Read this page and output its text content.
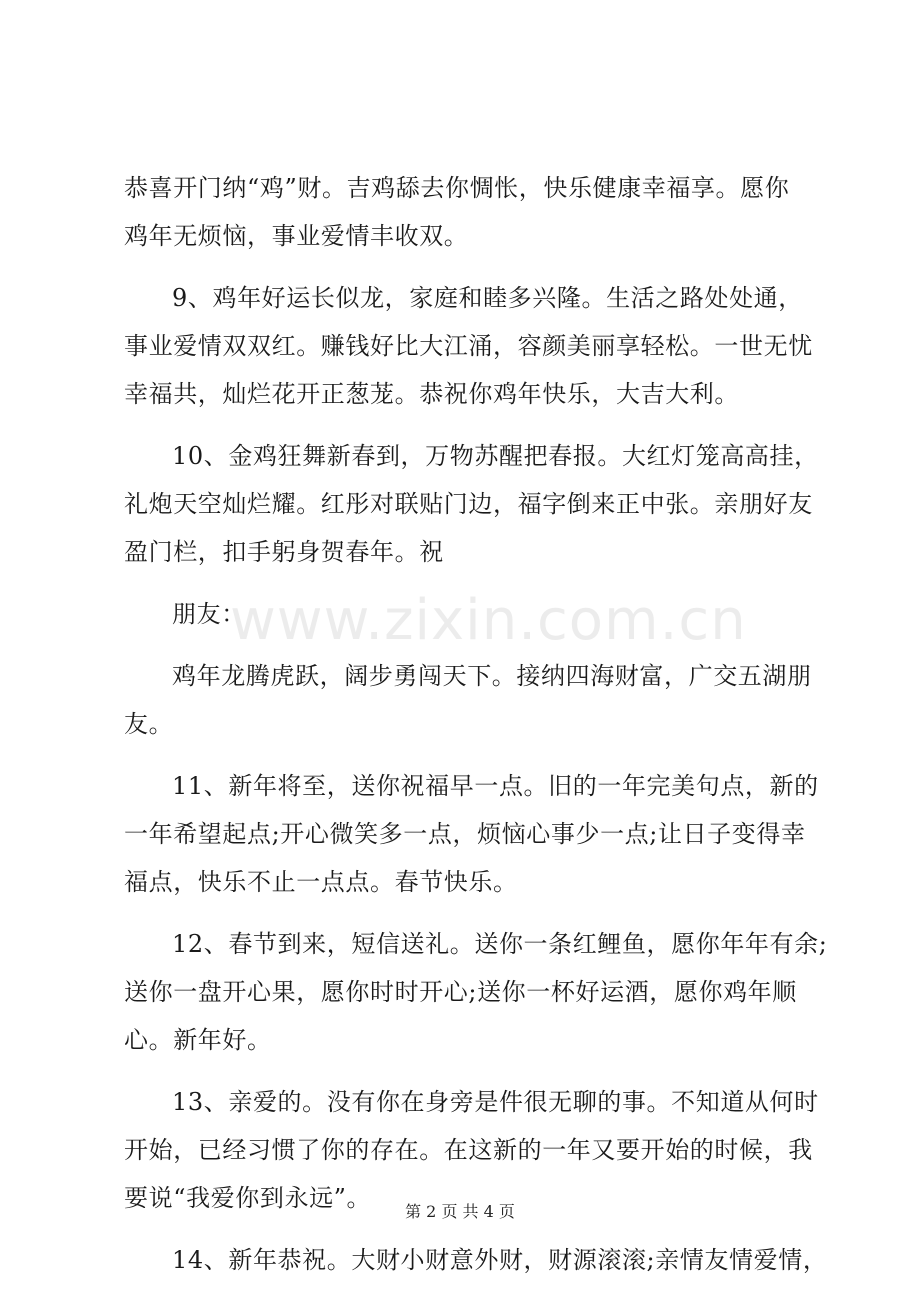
恭喜开门纳“鸡”财。吉鸡舔去你惆怅，快乐健康幸福享。愿你
鸡年无烦恼，事业爱情丰收双。
9、鸡年好运长似龙，家庭和睦多兴隆。生活之路处处通，
事业爱情双双红。赚钱好比大江涌，容颜美丽享轻松。一世无忧
幸福共，灿烂花开正葱茏。恭祝你鸡年快乐，大吉大利。
10、金鸡狂舞新春到，万物苏醒把春报。大红灯笼高高挂，
礼炮天空灿烂耀。红彤对联贴门边，福字倒来正中张。亲朋好友
盈门栏，扣手躬身贺春年。祝
朋友：
鸡年龙腾虎跃，阔步勇闯天下。接纳四海财富，广交五湖朋
友。
11、新年将至，送你祝福早一点。旧的一年完美句点，新的
一年希望起点;开心微笑多一点，烦恼心事少一点;让日子变得幸
福点，快乐不止一点点。春节快乐。
12、春节到来，短信送礼。送你一条红鲤鱼，愿你年年有余;
送你一盘开心果，愿你时时开心;送你一杯好运酒，愿你鸡年顺
心。新年好。
13、亲爱的。没有你在身旁是件很无聊的事。不知道从何时
开始，已经习惯了你的存在。在这新的一年又要开始的时候，我
要说“我爱你到永远”。
14、新年恭祝。大财小财意外财，财源滚滚;亲情友情爱情，
www.zixin.com.cn
第 2 页 共 4 页
